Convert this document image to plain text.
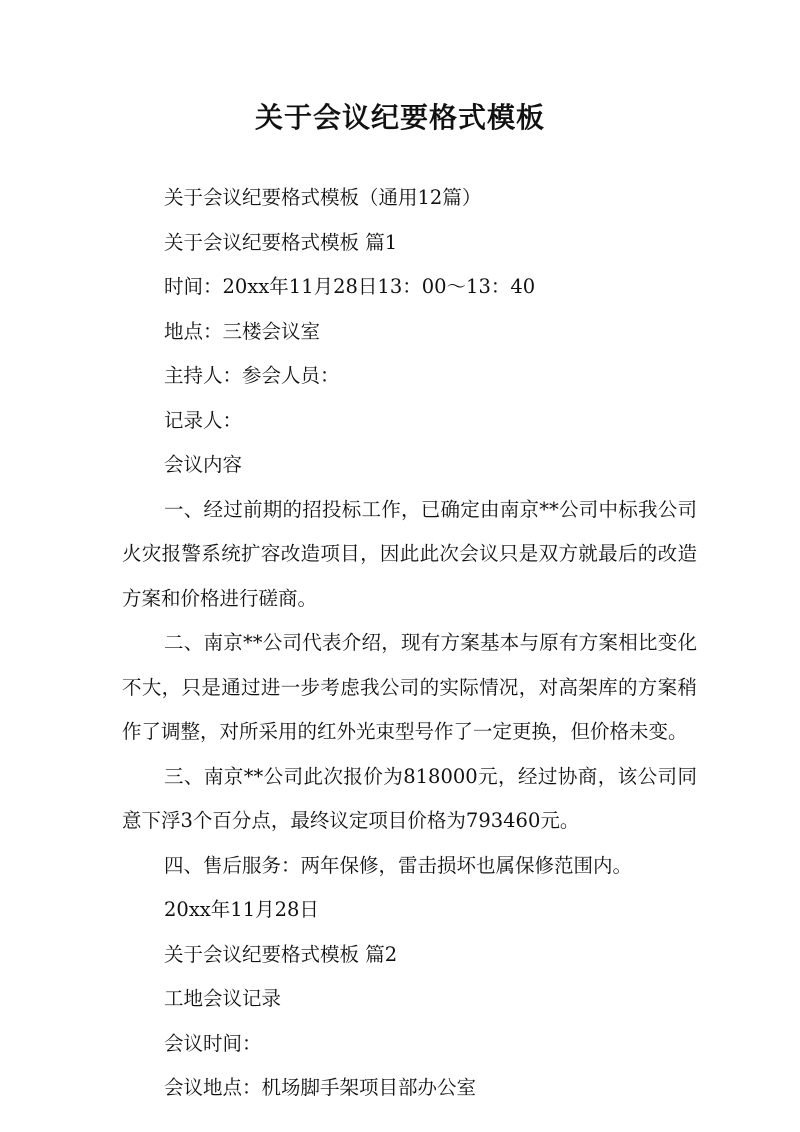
关于会议纪要格式模板

关于会议纪要格式模板（通用12篇）

关于会议纪要格式模板 篇1

时间：20xx年11月28日13：00～13：40

地点：三楼会议室

主持人：参会人员：

记录人：

会议内容

一、经过前期的招投标工作，已确定由南京**公司中标我公司火灾报警系统扩容改造项目，因此此次会议只是双方就最后的改造方案和价格进行磋商。

二、南京**公司代表介绍，现有方案基本与原有方案相比变化不大，只是通过进一步考虑我公司的实际情况，对高架库的方案稍作了调整，对所采用的红外光束型号作了一定更换，但价格未变。

三、南京**公司此次报价为818000元，经过协商，该公司同意下浮3个百分点，最终议定项目价格为793460元。

四、售后服务：两年保修，雷击损坏也属保修范围内。

20xx年11月28日

关于会议纪要格式模板 篇2

工地会议记录

会议时间：

会议地点：机场脚手架项目部办公室
